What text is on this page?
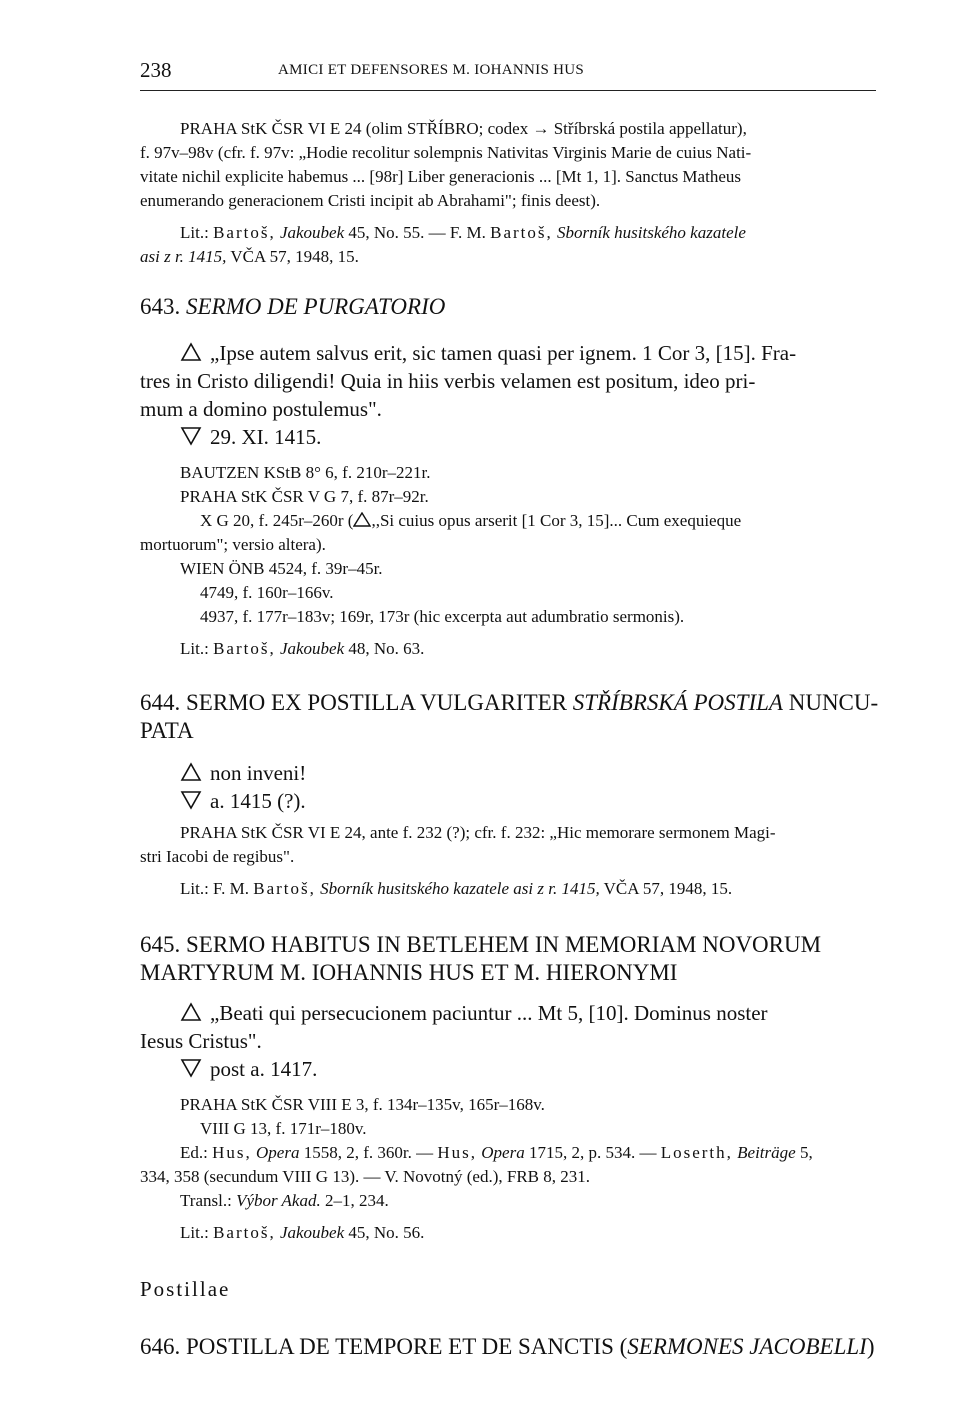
238	AMICI ET DEFENSORES M. IOHANNIS HUS
PRAHA StK ČSR VI E 24 (olim STŘÍBRO; codex → Stříbrská postila appellatur),
f. 97v–98v (cfr. f. 97v: „Hodie recolitur solempnis Nativitas Virginis Marie de cuius Nati-
vitate nichil explicite habemus ... [98r] Liber generacionis ... [Mt 1, 1]. Sanctus Matheus
enumerando generacionem Cristi incipit ab Abrahami"; finis deest).
Lit.: Bartoš, Jakoubek 45, No. 55. — F. M. Bartoš, Sborník husitského kazatele
asi z r. 1415, VČA 57, 1948, 15.
643. SERMO DE PURGATORIO
„Ipse autem salvus erit, sic tamen quasi per ignem. 1 Cor 3, [15]. Fra-
tres in Cristo diligendi! Quia in hiis verbis velamen est positum, ideo pri-
mum a domino postulemus".
29. XI. 1415.
BAUTZEN KStB 8° 6, f. 210r–221r.
PRAHA StK ČSR V G 7, f. 87r–92r.
X G 20, f. 245r–260r ( ,,Si cuius opus arserit [1 Cor 3, 15]... Cum exequieque
mortuorum"; versio altera).
WIEN ÖNB 4524, f. 39r–45r.
4749, f. 160r–166v.
4937, f. 177r–183v; 169r, 173r (hic excerpta aut adumbratio sermonis).
Lit.: Bartoš, Jakoubek 48, No. 63.
644. SERMO EX POSTILLA VULGARITER STŘÍBRSKÁ POSTILA NUNCU-
PATA
non inveni!
a. 1415 (?).
PRAHA StK ČSR VI E 24, ante f. 232 (?); cfr. f. 232: „Hic memorare sermonem Magi-
stri Iacobi de regibus".
Lit.: F. M. Bartoš, Sborník husitského kazatele asi z r. 1415, VČA 57, 1948, 15.
645. SERMO HABITUS IN BETLEHEM IN MEMORIAM NOVORUM
MARTYRUM M. IOHANNIS HUS ET M. HIERONYMI
„Beati qui persecucionem paciuntur ... Mt 5, [10]. Dominus noster
Iesus Cristus".
post a. 1417.
PRAHA StK ČSR VIII E 3, f. 134r–135v, 165r–168v.
VIII G 13, f. 171r–180v.
Ed.: Hus, Opera 1558, 2, f. 360r. — Hus, Opera 1715, 2, p. 534. — Loserth, Beiträge 5,
334, 358 (secundum VIII G 13). — V. Novotný (ed.), FRB 8, 231.
Transl.: Výbor Akad. 2–1, 234.
Lit.: Bartoš, Jakoubek 45, No. 56.
Postillae
646. POSTILLA DE TEMPORE ET DE SANCTIS (SERMONES JACOBELLI)
